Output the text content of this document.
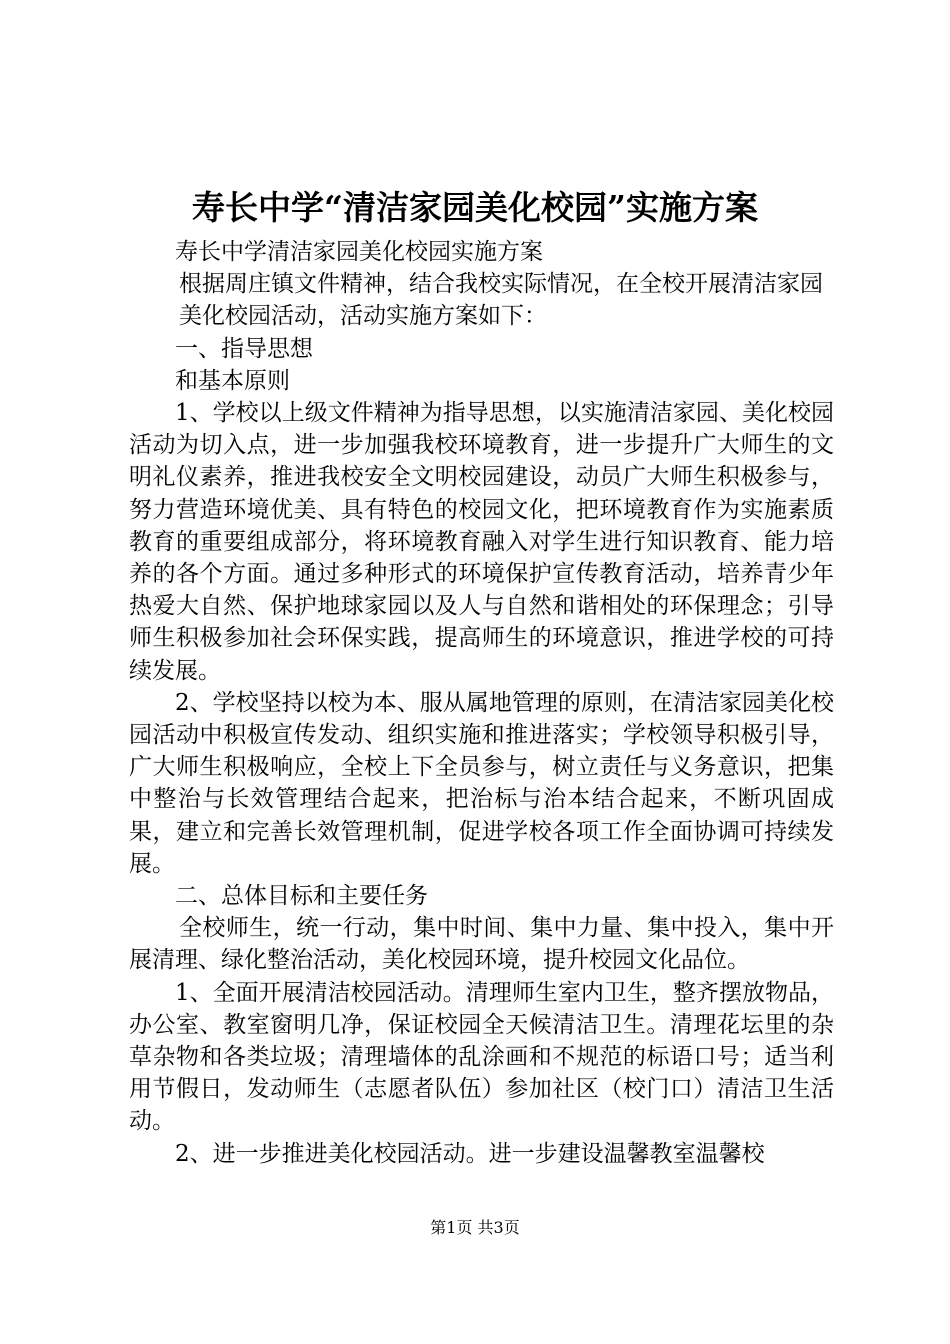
寿长中学“清洁家园美化校园”实施方案

寿长中学清洁家园美化校园实施方案

根据周庄镇文件精神，结合我校实际情况，在全校开展清洁家园

美化校园活动，活动实施方案如下：

一、指导思想

和基本原则

1、学校以上级文件精神为指导思想，以实施清洁家园、美化校园活动为切入点，进一步加强我校环境教育，进一步提升广大师生的文明礼仪素养，推进我校安全文明校园建设，动员广大师生积极参与，努力营造环境优美、具有特色的校园文化，把环境教育作为实施素质教育的重要组成部分，将环境教育融入对学生进行知识教育、能力培养的各个方面。通过多种形式的环境保护宣传教育活动，培养青少年热爱大自然、保护地球家园以及人与自然和谐相处的环保理念；引导师生积极参加社会环保实践，提高师生的环境意识，推进学校的可持续发展。

2、学校坚持以校为本、服从属地管理的原则，在清洁家园美化校园活动中积极宣传发动、组织实施和推进落实；学校领导积极引导，广大师生积极响应，全校上下全员参与，树立责任与义务意识，把集中整治与长效管理结合起来，把治标与治本结合起来，不断巩固成果，建立和完善长效管理机制，促进学校各项工作全面协调可持续发展。

二、总体目标和主要任务

全校师生，统一行动，集中时间、集中力量、集中投入，集中开展清理、绿化整治活动，美化校园环境，提升校园文化品位。

1、全面开展清洁校园活动。清理师生室内卫生，整齐摆放物品，办公室、教室窗明几净，保证校园全天候清洁卫生。清理花坛里的杂草杂物和各类垃圾；清理墙体的乱涂画和不规范的标语口号；适当利用节假日，发动师生（志愿者队伍）参加社区（校门口）清洁卫生活动。

2、进一步推进美化校园活动。进一步建设温馨教室温馨校

第1页 共3页
